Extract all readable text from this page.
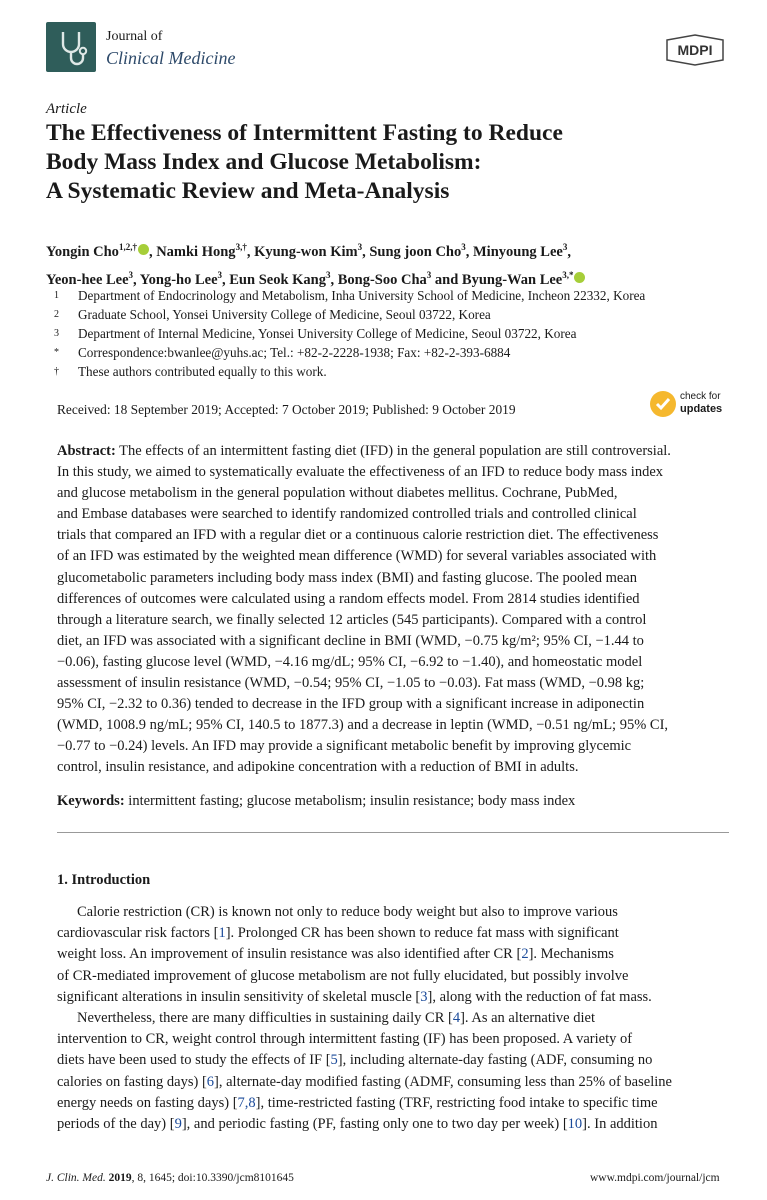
Journal of
Clinical Medicine	MDPI
Article
The Effectiveness of Intermittent Fasting to Reduce
Body Mass Index and Glucose Metabolism:
A Systematic Review and Meta-Analysis
Yongin Cho$^{1,2,\dagger}$ , Namki Hong$^{3,\dagger}$, Kyung-won Kim$^3$, Sung joon Cho$^3$, Minyoung Lee$^3$,
Yeon-hee Lee$^3$, Yong-ho Lee$^3$, Eun Seok Kang$^3$, Bong-Soo Cha$^3$ and Byung-Wan Lee$^{3,*}$
1	Department of Endocrinology and Metabolism, Inha University School of Medicine, Incheon 22332, Korea
2	Graduate School, Yonsei University College of Medicine, Seoul 03722, Korea
3	Department of Internal Medicine, Yonsei University College of Medicine, Seoul 03722, Korea
*	Correspondence:bwanlee@yuhs.ac; Tel.: +82-2-2228-1938; Fax: +82-2-393-6884
†	These authors contributed equally to this work.
Received: 18 September 2019; Accepted: 7 October 2019; Published: 9 October 2019
check for
updates
Abstract: The effects of an intermittent fasting diet (IFD) in the general population are still controversial.
In this study, we aimed to systematically evaluate the effectiveness of an IFD to reduce body mass index
and glucose metabolism in the general population without diabetes mellitus. Cochrane, PubMed,
and Embase databases were searched to identify randomized controlled trials and controlled clinical
trials that compared an IFD with a regular diet or a continuous calorie restriction diet. The effectiveness
of an IFD was estimated by the weighted mean difference (WMD) for several variables associated with
glucometabolic parameters including body mass index (BMI) and fasting glucose. The pooled mean
differences of outcomes were calculated using a random effects model. From 2814 studies identified
through a literature search, we finally selected 12 articles (545 participants). Compared with a control
diet, an IFD was associated with a significant decline in BMI (WMD, −0.75 kg/m²; 95% CI, −1.44 to
−0.06), fasting glucose level (WMD, −4.16 mg/dL; 95% CI, −6.92 to −1.40), and homeostatic model
assessment of insulin resistance (WMD, −0.54; 95% CI, −1.05 to −0.03). Fat mass (WMD, −0.98 kg;
95% CI, −2.32 to 0.36) tended to decrease in the IFD group with a significant increase in adiponectin
(WMD, 1008.9 ng/mL; 95% CI, 140.5 to 1877.3) and a decrease in leptin (WMD, −0.51 ng/mL; 95% CI,
−0.77 to −0.24) levels. An IFD may provide a significant metabolic benefit by improving glycemic
control, insulin resistance, and adipokine concentration with a reduction of BMI in adults.
Keywords: intermittent fasting; glucose metabolism; insulin resistance; body mass index
1. Introduction
Calorie restriction (CR) is known not only to reduce body weight but also to improve various
cardiovascular risk factors [1]. Prolonged CR has been shown to reduce fat mass with significant
weight loss. An improvement of insulin resistance was also identified after CR [2]. Mechanisms
of CR-mediated improvement of glucose metabolism are not fully elucidated, but possibly involve
significant alterations in insulin sensitivity of skeletal muscle [3], along with the reduction of fat mass.
Nevertheless, there are many difficulties in sustaining daily CR [4]. As an alternative diet
intervention to CR, weight control through intermittent fasting (IF) has been proposed. A variety of
diets have been used to study the effects of IF [5], including alternate-day fasting (ADF, consuming no
calories on fasting days) [6], alternate-day modified fasting (ADMF, consuming less than 25% of baseline
energy needs on fasting days) [7,8], time-restricted fasting (TRF, restricting food intake to specific time
periods of the day) [9], and periodic fasting (PF, fasting only one to two day per week) [10]. In addition
J. Clin. Med. 2019, 8, 1645; doi:10.3390/jcm8101645	www.mdpi.com/journal/jcm
